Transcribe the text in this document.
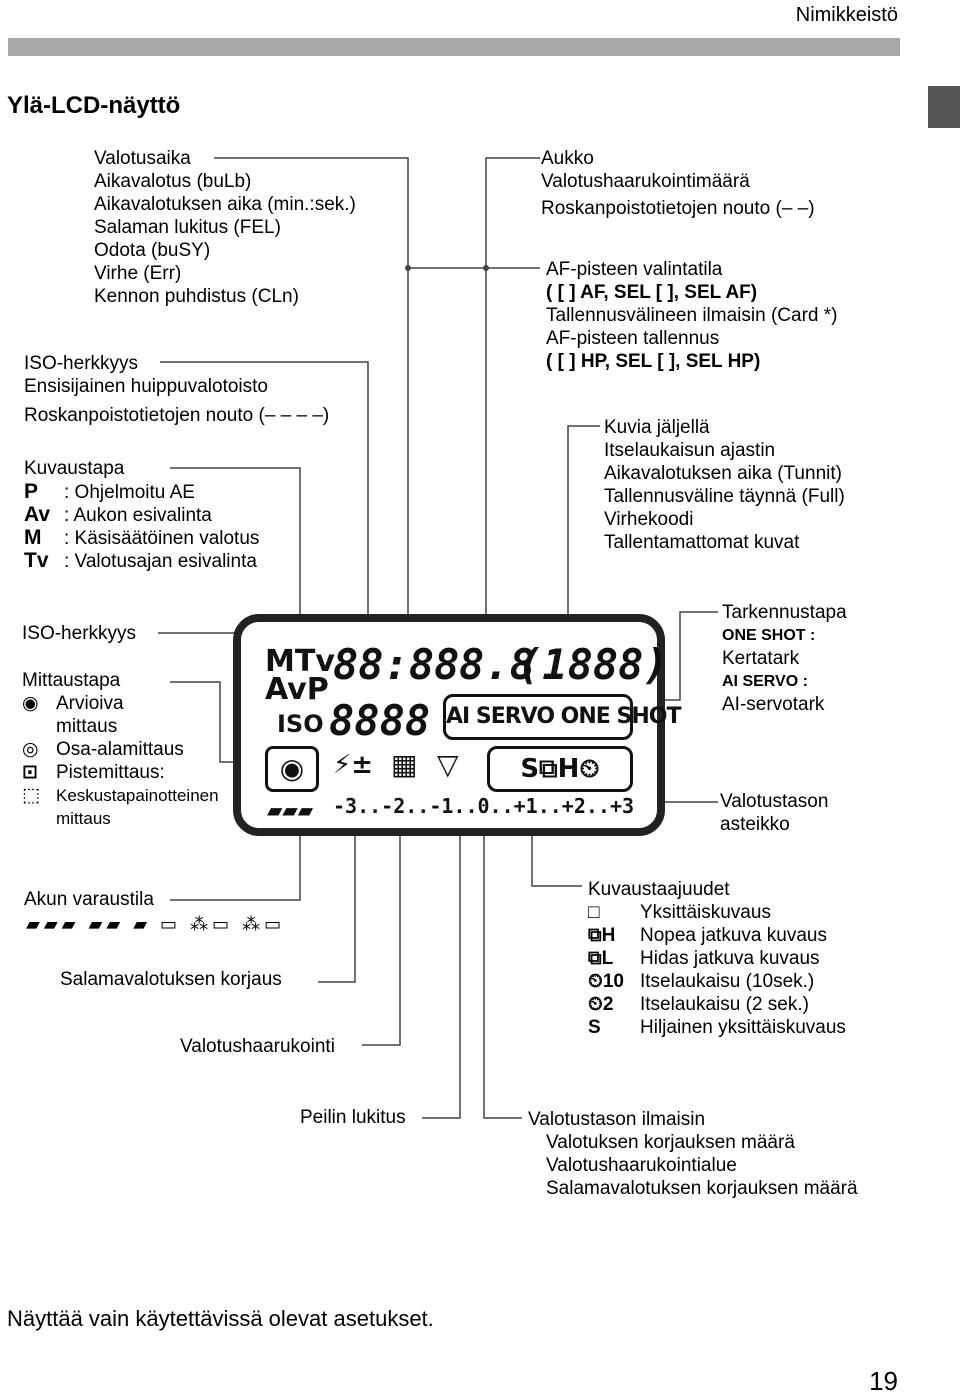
Nimikkeistö
Ylä-LCD-näyttö
Valotusaika
Aikavalotus (buLb)
Aikavalotuksen aika (min.:sek.)
Salaman lukitus (FEL)
Odota (buSY)
Virhe (Err)
Kennon puhdistus (CLn)
ISO-herkkyys
Ensisijainen huippuvalotoisto
Roskanpoistotietojen nouto (– – – –)
Kuvaustapa
P : Ohjelmoitu AE
Av : Aukon esivalinta
M : Käsisäätöinen valotus
Tv : Valotusajan esivalinta
Aukko
Valotushaarukointimäärä
Roskanpoistotietojen nouto (– –)
AF-pisteen valintatila
( [ ] AF, SEL [ ], SEL AF)
Tallennusvälineen ilmaisin (Card *)
AF-pisteen tallennus
( [ ] HP, SEL [ ], SEL HP)
Kuvia jäljellä
Itselaukaisun ajastin
Aikavalotuksen aika (Tunnit)
Tallennusväline täynnä (Full)
Virhekoodi
Tallentamattomat kuvat
ISO-herkkyys
Mittaustapa
◉ Arvioiva
mittaus
◎ Osa-alamittaus
⊡ Pistemittaus:
⬚ Keskustapainotteinen
mittaus
Tarkennustapa
ONE SHOT :
Kertatark
AI SERVO :
AI-servotark
Valotustason
asteikko
MTv
AvP
88:88 8.8
(1888)
ISO 8888 AI SERVO ONE SHOT
◉	⚡± ▦ ▽	S⧉H⏲
▰▰▰ -3..-2..-1..0..+1..+2..+3
Akun varaustila
▰▰▰ ▰▰ ▰ ▭ ⁂▭ ⁂▭
Salamavalotuksen korjaus
Valotushaarukointi
Kuvaustaajuudet
□ Yksittäiskuvaus
⧉H Nopea jatkuva kuvaus
⧉L Hidas jatkuva kuvaus
⏲10 Itselaukaisu (10sek.)
⏲2 Itselaukaisu (2 sek.)
S Hiljainen yksittäiskuvaus
Peilin lukitus	Valotustason ilmaisin
Valotuksen korjauksen määrä
Valotushaarukointialue
Salamavalotuksen korjauksen määrä
Näyttää vain käytettävissä olevat asetukset.
19
